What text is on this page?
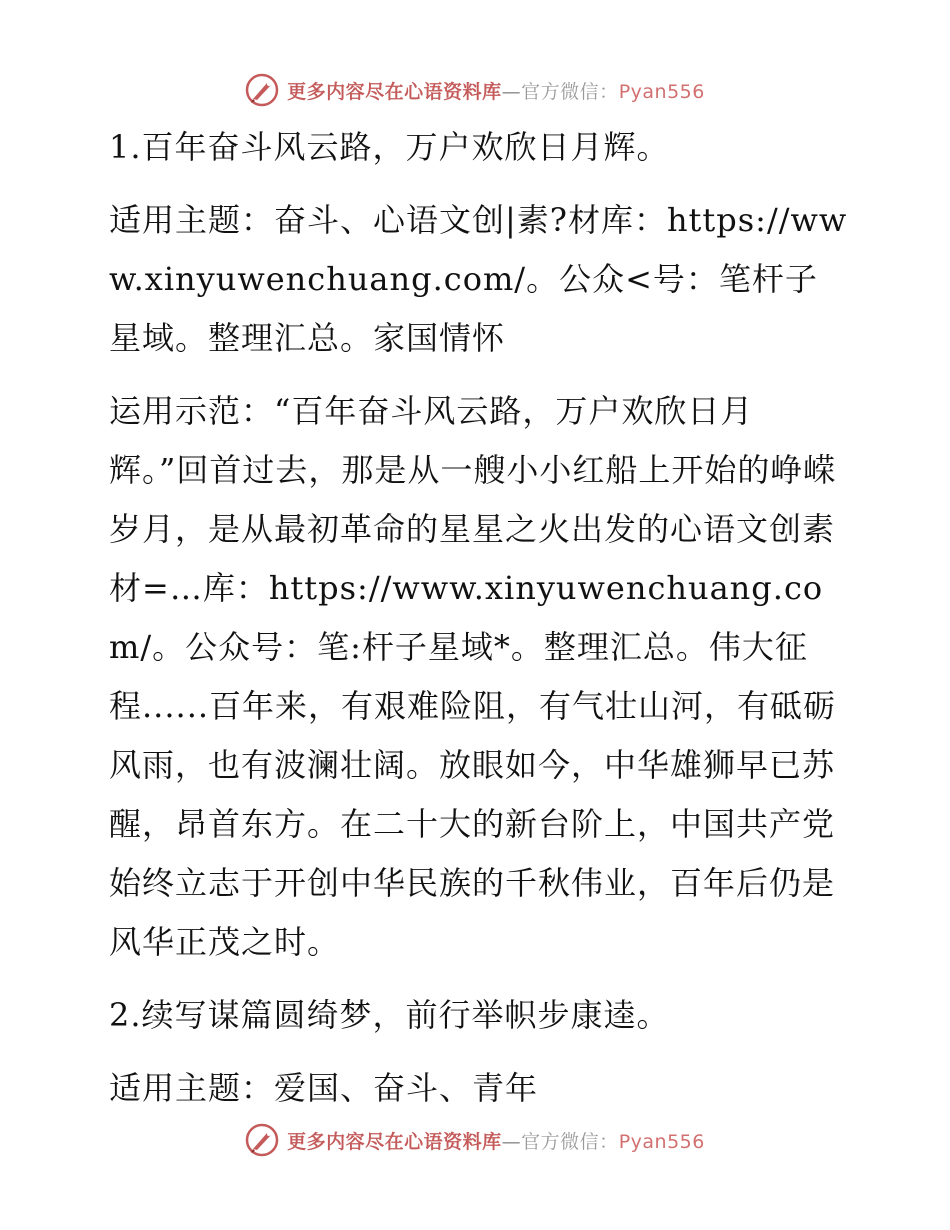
更多内容尽在心语资料库—官方微信：Pyan556

1.百年奋斗风云路，万户欢欣日月辉。

适用主题：奋斗、心语文创|素?材库：https://www.xinyuwenchuang.com/。公众<号：笔杆子星域。整理汇总。家国情怀

运用示范：“百年奋斗风云路，万户欢欣日月辉。”回首过去，那是从一艘小小红船上开始的峥嵘岁月，是从最初革命的星星之火出发的心语文创素材=…库：https://www.xinyuwenchuang.com/。公众号：笔:杆子星域*。整理汇总。伟大征程......百年来，有艰难险阻，有气壮山河，有砥砺风雨，也有波澜壮阔。放眼如今，中华雄狮早已苏醒，昂首东方。在二十大的新台阶上，中国共产党始终立志于开创中华民族的千秋伟业，百年后仍是风华正茂之时。

2.续写谋篇圆绮梦，前行举帜步康逵。

适用主题：爱国、奋斗、青年

更多内容尽在心语资料库—官方微信：Pyan556
